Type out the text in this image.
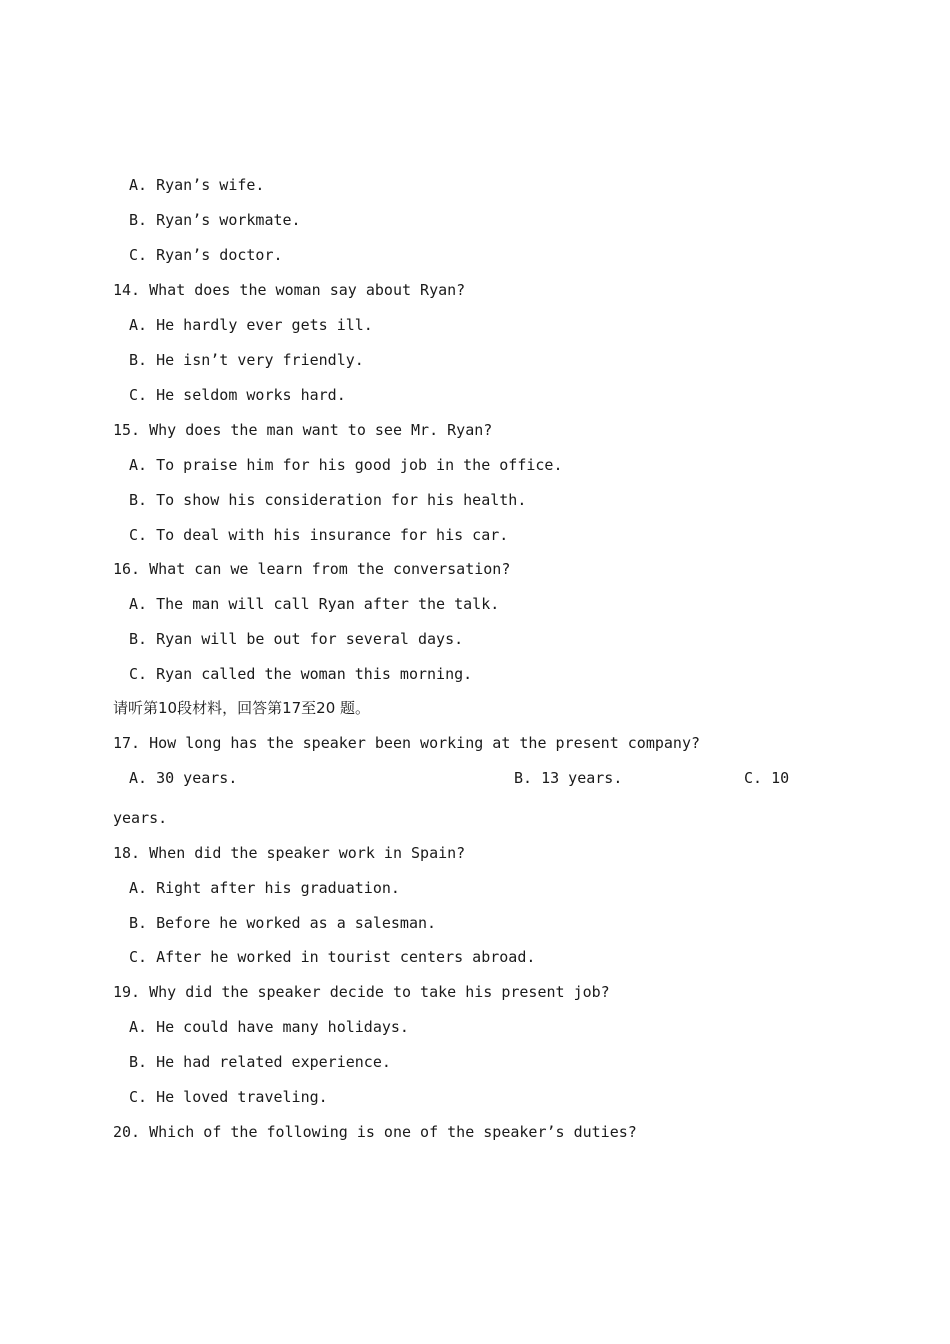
A. Ryan’s wife.
B. Ryan’s workmate.
C. Ryan’s doctor.
14. What does the woman say about Ryan?
A. He hardly ever gets ill.
B. He isn’t very friendly.
C. He seldom works hard.
15. Why does the man want to see Mr. Ryan?
A. To praise him for his good job in the office.
B. To show his consideration for his health.
C. To deal with his insurance for his car.
16. What can we learn from the conversation?
A. The man will call Ryan after the talk.
B. Ryan will be out for several days.
C. Ryan called the woman this morning.
请听第10段材料，回答第17至20 题。
17. How long has the speaker been working at the present company?
A. 30 years.	B. 13 years.	C. 10
years.
18. When did the speaker work in Spain?
A. Right after his graduation.
B. Before he worked as a salesman.
C. After he worked in tourist centers abroad.
19. Why did the speaker decide to take his present job?
A. He could have many holidays.
B. He had related experience.
C. He loved traveling.
20. Which of the following is one of the speaker’s duties?
